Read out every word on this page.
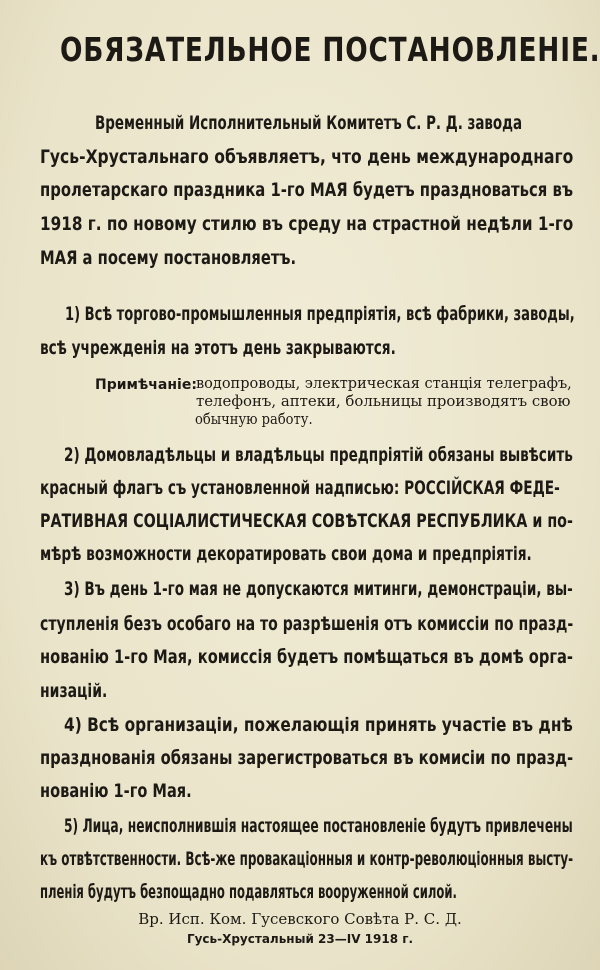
ОБЯЗАТЕЛЬНОЕ ПОСТАНОВЛЕНІЕ.
Временный Исполнительный Комитетъ С. Р. Д. завода
Гусь-Хрустальнаго объявляетъ, что день международнаго
пролетарскаго праздника 1-го МАЯ будетъ праздноваться въ
1918 г. по новому стилю въ среду на страстной недѣли 1-го
МАЯ а посему постановляетъ.
1) Всѣ торгово-промышленныя предпріятія, всѣ фабрики, заводы,
всѣ учрежденія на этотъ день закрываются.
Примѣчаніе: водопроводы, электрическая станція телеграфъ,
телефонъ, аптеки, больницы производятъ свою
обычную работу.
2) Домовладѣльцы и владѣльцы предпріятій обязаны вывѣсить
красный флагъ съ установленной надписью: РОССІЙСКАЯ ФЕДЕ-
РАТИВНАЯ СОЦІАЛИСТИЧЕСКАЯ СОВѢТСКАЯ РЕСПУБЛИКА и по-
мѣрѣ возможности декоратировать свои дома и предпріятія.
3) Въ день 1-го мая не допускаются митинги, демонстраціи, вы-
ступленія безъ особаго на то разрѣшенія отъ комиссіи по празд-
нованію 1-го Мая, комиссія будетъ помѣщаться въ домѣ орга-
низацій.
4) Всѣ организаціи, пожелающія принять участіе въ днѣ
празднованія обязаны зарегистроваться въ комисіи по празд-
нованію 1-го Мая.
5) Лица, неисполнившія настоящее постановленіе будутъ привлечены
къ отвѣтственности. Всѣ-же провакаціонныя и контр-революціонныя высту-
пленія будутъ безпощадно подавляться вооруженной силой.
Вр. Исп. Ком. Гусевского Совѣта Р. С. Д.
Гусь-Хрустальный 23—IV 1918 г.
